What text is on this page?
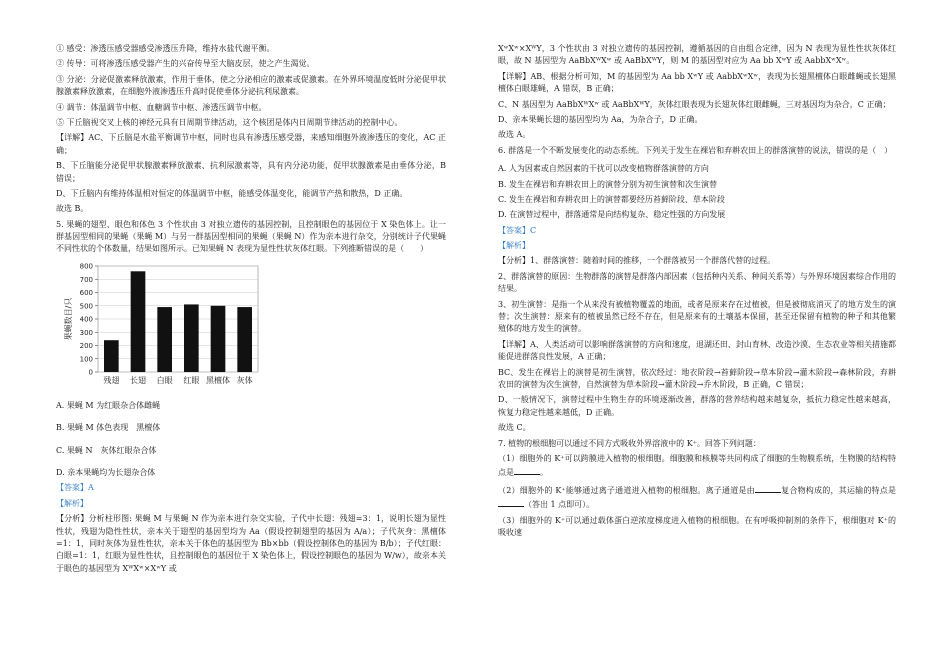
① 感受：渗透压感受器感受渗透压升降，维持水盐代谢平衡。

② 传导：可将渗透压感受器产生的兴奋传导至大脑皮层，使之产生渴觉。

③ 分泌：分泌促激素释放激素，作用于垂体，使之分泌相应的激素或促激素。在外界环境温度低时分泌促甲状腺激素释放激素，在细胞外液渗透压升高时促使垂体分泌抗利尿激素。

④ 调节：体温调节中枢、血糖调节中枢、渗透压调节中枢。

⑤ 下丘脑视交叉上核的神经元具有日周期节律活动，这个核团是体内日周期节律活动的控制中心。

【详解】AC、下丘脑是水盐平衡调节中枢，同时也具有渗透压感受器，来感知细胞外液渗透压的变化，AC 正确；

B、下丘脑能分泌促甲状腺激素释放激素、抗利尿激素等，具有内分泌功能，促甲状腺激素是由垂体分泌，B 错误；

D、下丘脑内有维持体温相对恒定的体温调节中枢，能感受体温变化，能调节产热和散热，D 正确。

故选 B。

5. 果蝇的翅型、眼色和体色 3 个性状由 3 对独立遗传的基因控制，且控制眼色的基因位于 X 染色体上。让一群基因型相同的果蝇（果蝇 M）与另一群基因型相同的果蝇（果蝇 N）作为亲本进行杂交，分别统计子代果蝇不同性状的个体数量，结果如图所示。已知果蝇 N 表现为显性性状灰体红眼。下列推断错误的是（　　）

0
100
200
300
400
500
600
700
800
果蝇数目/只
残翅 长翅 白眼 红眼 黑檀体 灰体

A. 果蝇 M 为红眼杂合体雌蝇

B. 果蝇 M 体色表现　黑檀体

C. 果蝇 N　灰体红眼杂合体

D. 亲本果蝇均为长翅杂合体

【答案】A

【解析】

【分析】分析柱形图: 果蝇 M 与果蝇 N 作为亲本进行杂交实验，子代中长翅：残翅=3：1，说明长翅为显性性状，残翅为隐性性状，亲本关于翅型的基因型均为 Aa（假设控制翅型的基因为 A/a）；子代灰身：黑檀体=1：1，同时灰体为显性性状，亲本关于体色的基因型为 Bb×bb（假设控制体色的基因为 B/b）；子代红眼：白眼=1：1，红眼为显性性状，且控制眼色的基因位于 X 染色体上，假设控制眼色的基因为 W/w），故亲本关于眼色的基因型为 XᵂXʷ×XʷY 或

XʷXʷ×XᵂY，3 个性状由 3 对独立遗传的基因控制，遵循基因的自由组合定律，因为 N 表现为显性性状灰体红眼，故 N 基因型为 AaBbXᵂXʷ 或 AaBbXᵂY，则 M 的基因型对应为 Aa bb XʷY 或 AabbXʷXʷ。

【详解】AB、根据分析可知，M 的基因型为 Aa bb XʷY 或 AabbXʷXʷ，表现为长翅黑檀体白眼雌蝇或长翅黑檀体白眼雄蝇，A 错误，B 正确；

C、N 基因型为 AaBbXᵂXʷ 或 AaBbXᵂY，灰体红眼表现为长翅灰体红眼雌蝇，三对基因均为杂合，C 正确；

D、亲本果蝇长翅的基因型均为 Aa，为杂合子，D 正确。

故选 A。

6. 群落是一个不断发展变化的动态系统。下列关于发生在裸岩和弃耕农田上的群落演替的说法，错误的是（　）

A. 人为因素或自然因素的干扰可以改变植物群落演替的方向

B. 发生在裸岩和弃耕农田上的演替分别为初生演替和次生演替

C. 发生在裸岩和弃耕农田上的演替都要经历苔藓阶段、草本阶段

D. 在演替过程中，群落通常是向结构复杂、稳定性强的方向发展

【答案】C

【解析】

【分析】1、群落演替：随着时间的推移，一个群落被另一个群落代替的过程。

2、群落演替的原因：生物群落的演替是群落内部因素（包括种内关系、种间关系等）与外界环境因素综合作用的结果。

3、初生演替：是指一个从来没有被植物覆盖的地面，或者是原来存在过植被，但是被彻底消灭了的地方发生的演替；次生演替：原来有的植被虽然已经不存在，但是原来有的土壤基本保留，甚至还保留有植物的种子和其他繁殖体的地方发生的演替。

【详解】A、人类活动可以影响群落演替的方向和速度，退湖还田、封山育林、改造沙漠、生态农业等相关措施都能促进群落良性发展，A 正确；

BC、发生在裸岩上的演替是初生演替，依次经过：地衣阶段→苔藓阶段→草本阶段→灌木阶段→森林阶段，弃耕农田的演替为次生演替，自然演替为草本阶段→灌木阶段→乔木阶段，B 正确，C 错误；

D、一般情况下，演替过程中生物生存的环境逐渐改善，群落的营养结构越来越复杂，抵抗力稳定性越来越高，恢复力稳定性越来越低，D 正确。

故选 C。

7. 植物的根细胞可以通过不同方式吸收外界溶液中的 K⁺。回答下列问题：

（1）细胞外的 K⁺可以跨膜进入植物的根细胞。细胞膜和核膜等共同构成了细胞的生物膜系统，生物膜的结构特点是	。

（2）细胞外的 K⁺能够通过离子通道进入植物的根细胞。离子通道是由	复合物构成的，其运输的特点是（答出 1 点即可）。

（3）细胞外的 K⁺可以通过载体蛋白逆浓度梯度进入植物的根细胞。在有呼吸抑制剂的条件下，根细胞对 K⁺的吸收速
